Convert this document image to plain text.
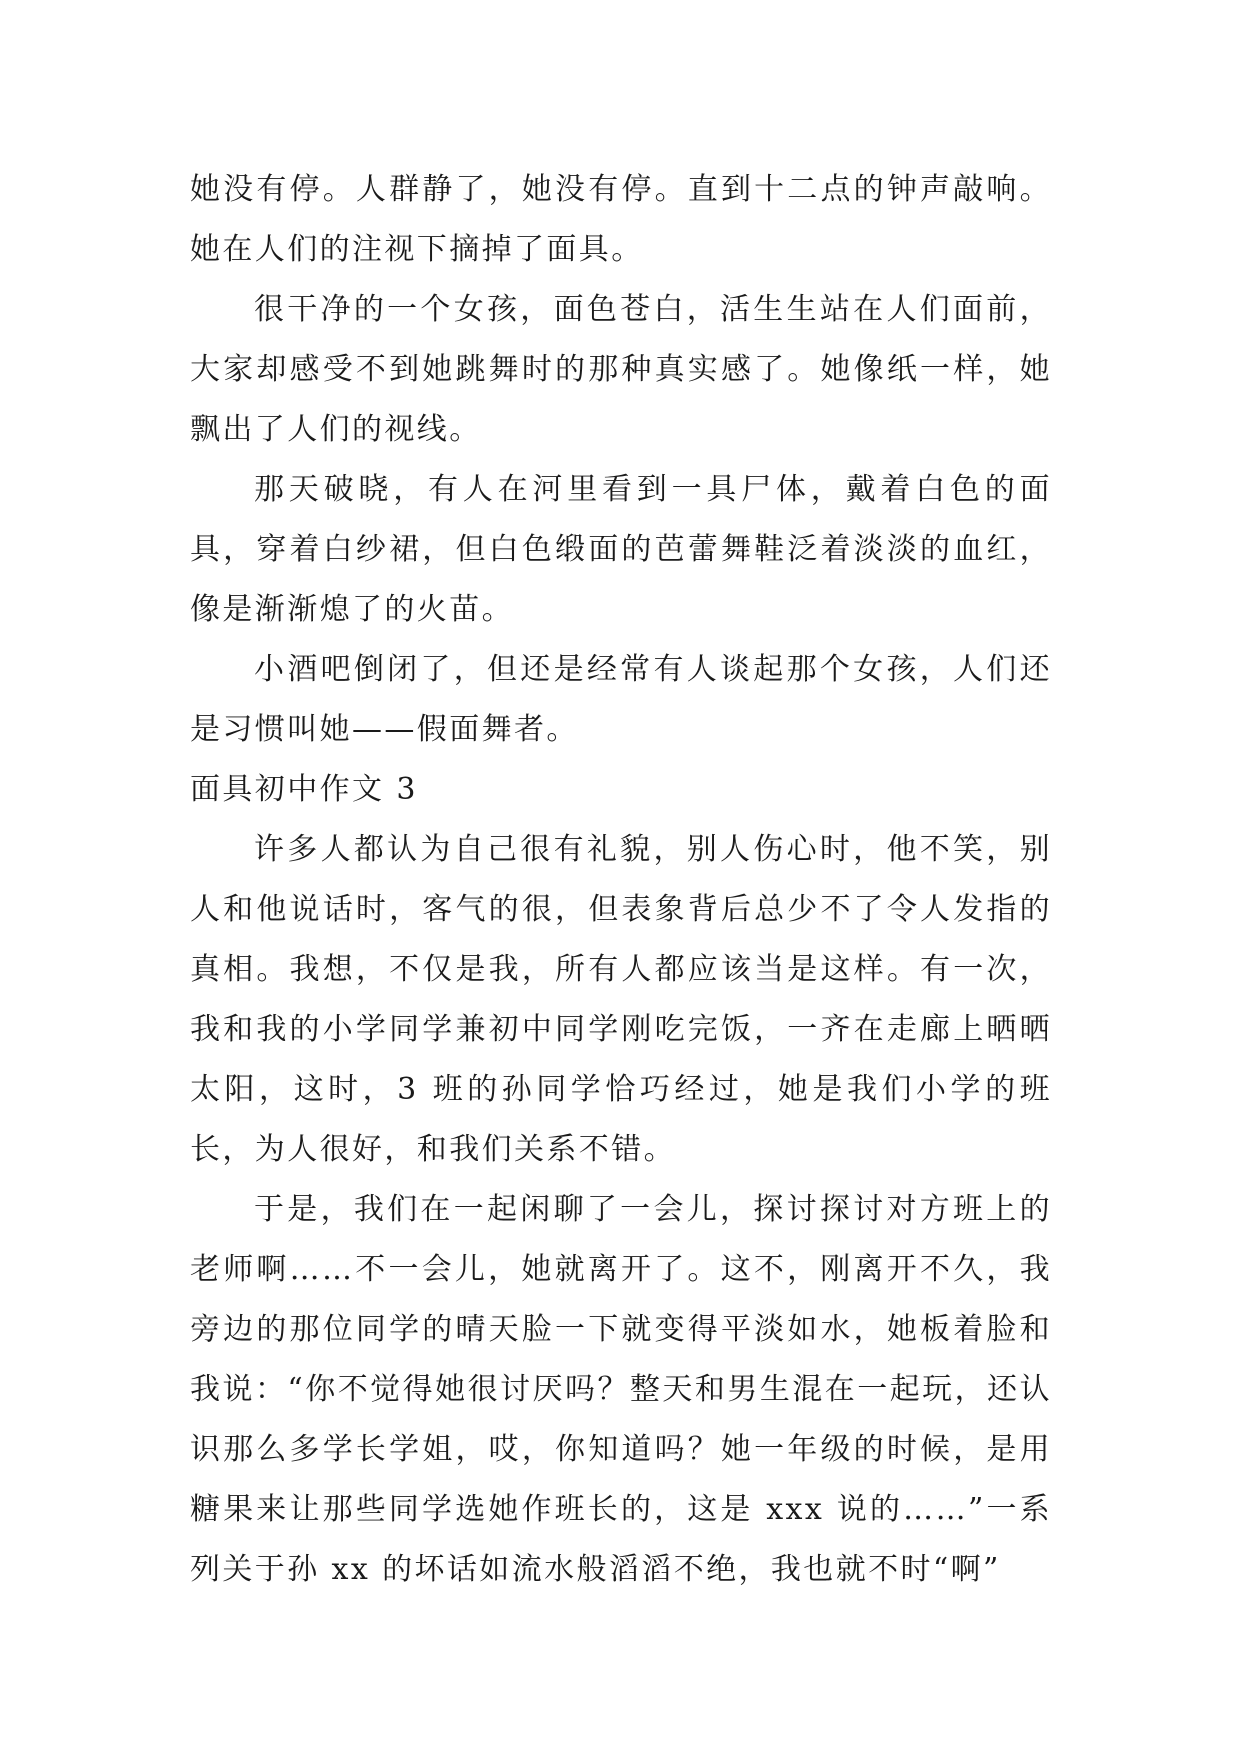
她没有停。人群静了，她没有停。直到十二点的钟声敲响。她在人们的注视下摘掉了面具。

很干净的一个女孩，面色苍白，活生生站在人们面前，大家却感受不到她跳舞时的那种真实感了。她像纸一样，她飘出了人们的视线。

那天破晓，有人在河里看到一具尸体，戴着白色的面具，穿着白纱裙，但白色缎面的芭蕾舞鞋泛着淡淡的血红，像是渐渐熄了的火苗。

小酒吧倒闭了，但还是经常有人谈起那个女孩，人们还是习惯叫她——假面舞者。

面具初中作文 3

许多人都认为自己很有礼貌，别人伤心时，他不笑，别人和他说话时，客气的很，但表象背后总少不了令人发指的真相。我想，不仅是我，所有人都应该当是这样。有一次，我和我的小学同学兼初中同学刚吃完饭，一齐在走廊上晒晒太阳，这时，3 班的孙同学恰巧经过，她是我们小学的班长，为人很好，和我们关系不错。

于是，我们在一起闲聊了一会儿，探讨探讨对方班上的老师啊……不一会儿，她就离开了。这不，刚离开不久，我旁边的那位同学的晴天脸一下就变得平淡如水，她板着脸和我说：“你不觉得她很讨厌吗？整天和男生混在一起玩，还认识那么多学长学姐，哎，你知道吗？她一年级的时候，是用糖果来让那些同学选她作班长的，这是 xxx 说的……”一系列关于孙 xx 的坏话如流水般滔滔不绝，我也就不时“啊”
